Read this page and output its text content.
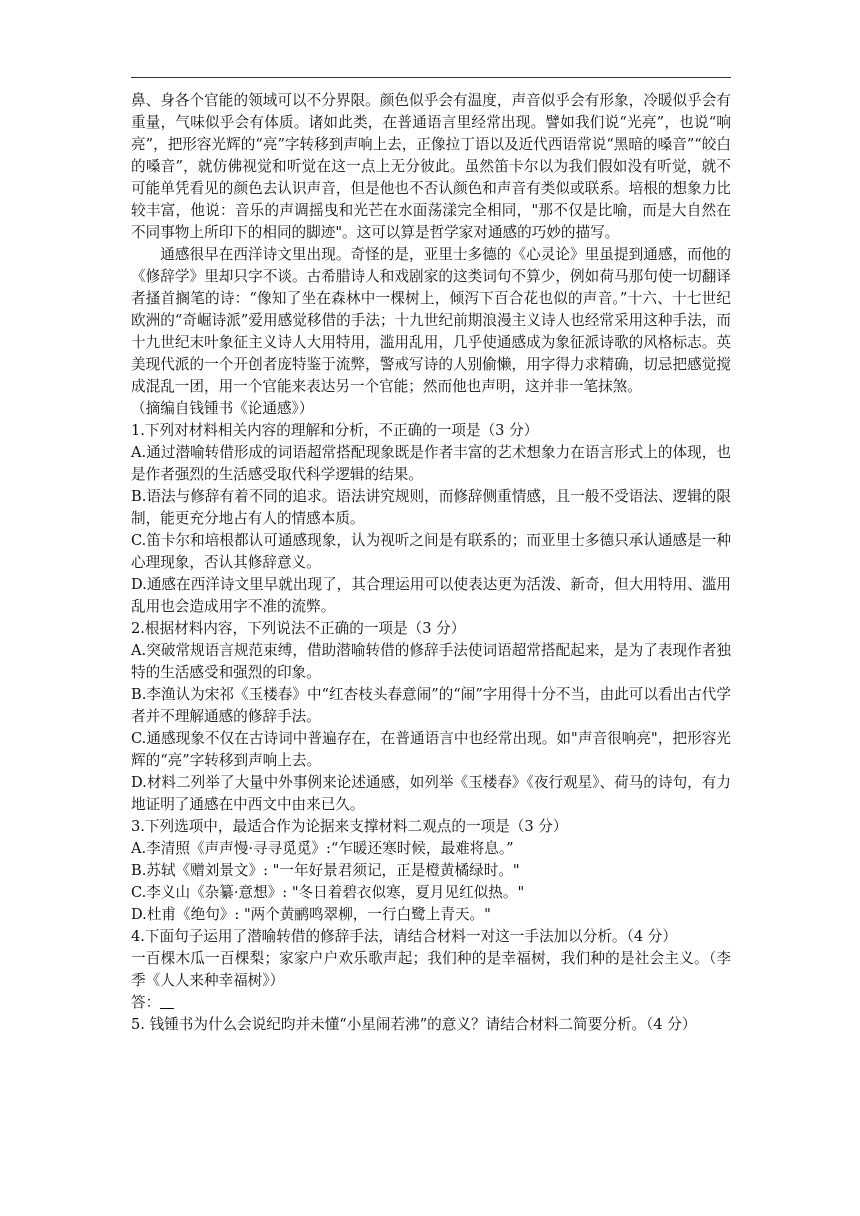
鼻、身各个官能的领域可以不分界限。颜色似乎会有温度，声音似乎会有形象，冷暖似乎会有重量，气味似乎会有体质。诸如此类，在普通语言里经常出现。譬如我们说“光亮”，也说“响亮”，把形容光辉的“亮”字转移到声响上去，正像拉丁语以及近代西语常说“黑暗的嗓音”“皎白的嗓音”，就仿佛视觉和听觉在这一点上无分彼此。虽然笛卡尔以为我们假如没有听觉，就不可能单凭看见的颜色去认识声音，但是他也不否认颜色和声音有类似或联系。培根的想象力比较丰富，他说：音乐的声调摇曳和光芒在水面荡漾完全相同，"那不仅是比喻，而是大自然在不同事物上所印下的相同的脚迹"。这可以算是哲学家对通感的巧妙的描写。

通感很早在西洋诗文里出现。奇怪的是，亚里士多德的《心灵论》里虽提到通感，而他的《修辞学》里却只字不谈。古希腊诗人和戏剧家的这类词句不算少，例如荷马那句使一切翻译者搔首搁笔的诗：“像知了坐在森林中一棵树上，倾泻下百合花也似的声音。”十六、十七世纪欧洲的“奇崛诗派”爱用感觉移借的手法；十九世纪前期浪漫主义诗人也经常采用这种手法，而十九世纪末叶象征主义诗人大用特用，滥用乱用，几乎使通感成为象征派诗歌的风格标志。英美现代派的一个开创者庞特鉴于流弊，警戒写诗的人别偷懒，用字得力求精确，切忌把感觉搅成混乱一团，用一个官能来表达另一个官能；然而他也声明，这并非一笔抹煞。

（摘编自钱锺书《论通感》）

1.下列对材料相关内容的理解和分析，不正确的一项是（3 分）

A.通过潜喻转借形成的词语超常搭配现象既是作者丰富的艺术想象力在语言形式上的体现，也是作者强烈的生活感受取代科学逻辑的结果。

B.语法与修辞有着不同的追求。语法讲究规则，而修辞侧重情感，且一般不受语法、逻辑的限制，能更充分地占有人的情感本质。

C.笛卡尔和培根都认可通感现象，认为视听之间是有联系的；而亚里士多德只承认通感是一种心理现象，否认其修辞意义。

D.通感在西洋诗文里早就出现了，其合理运用可以使表达更为活泼、新奇，但大用特用、滥用乱用也会造成用字不准的流弊。

2.根据材料内容，下列说法不正确的一项是（3 分）

A.突破常规语言规范束缚，借助潜喻转借的修辞手法使词语超常搭配起来，是为了表现作者独特的生活感受和强烈的印象。

B.李渔认为宋祁《玉楼春》中“红杏枝头春意闹”的“闹”字用得十分不当，由此可以看出古代学者并不理解通感的修辞手法。

C.通感现象不仅在古诗词中普遍存在，在普通语言中也经常出现。如"声音很响亮"，把形容光辉的“亮”字转移到声响上去。

D.材料二列举了大量中外事例来论述通感，如列举《玉楼春》《夜行观星》、荷马的诗句，有力地证明了通感在中西文中由来已久。

3.下列选项中，最适合作为论据来支撑材料二观点的一项是（3 分）

A.李清照《声声慢·寻寻觅觅》:“乍暖还寒时候，最难将息。”

B.苏轼《赠刘景文》: "一年好景君须记，正是橙黄橘绿时。"

C.李义山《杂纂·意想》: "冬日着碧衣似寒，夏月见红似热。"

D.杜甫《绝句》: "两个黄鹂鸣翠柳，一行白鹭上青天。"

4.下面句子运用了潜喻转借的修辞手法，请结合材料一对这一手法加以分析。（4 分）

一百棵木瓜一百棵梨；家家户户欢乐歌声起；我们种的是幸福树，我们种的是社会主义。（李季《人人来种幸福树》）

答：

5. 钱锺书为什么会说纪昀并未懂“小星闹若沸”的意义？请结合材料二简要分析。（4 分）
